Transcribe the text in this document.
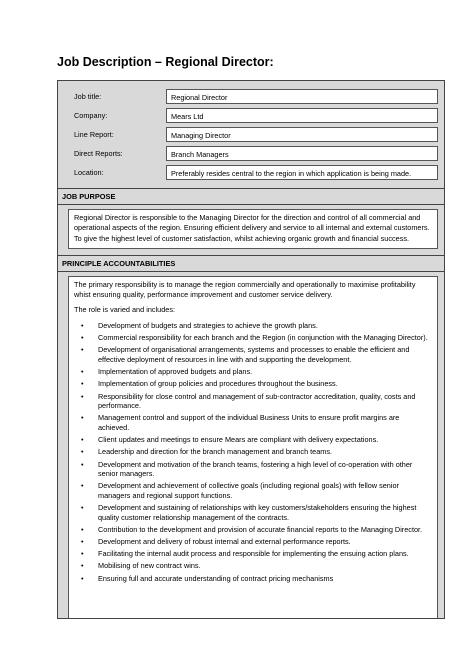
Job Description – Regional Director:
Job title:	Regional Director
Company:	Mears Ltd
Line Report:	Managing Director
Direct Reports:	Branch Managers
Location:	Preferably resides central to the region in which application is being made.
JOB PURPOSE
Regional Director is responsible to the Managing Director for the direction and control of all commercial and operational aspects of the region. Ensuring efficient delivery and service to all internal and external customers. To give the highest level of customer satisfaction, whilst achieving organic growth and financial success.
PRINCIPLE ACCOUNTABILITIES

The primary responsibility is to manage the region commercially and operationally to maximise profitability whist ensuring quality, performance improvement and customer service delivery.

The role is varied and includes:

• Development of budgets and strategies to achieve the growth plans.
• Commercial responsibility for each branch and the Region (in conjunction with the Managing Director).
• Development of organisational arrangements, systems and processes to enable the efficient and effective deployment of resources in line with and supporting the development.
• Implementation of approved budgets and plans.
• Implementation of group policies and procedures throughout the business.
• Responsibility for close control and management of sub-contractor accreditation, quality, costs and performance.
• Management control and support of the individual Business Units to ensure profit margins are achieved.
• Client updates and meetings to ensure Mears are compliant with delivery expectations.
• Leadership and direction for the branch management and branch teams.
• Development and motivation of the branch teams, fostering a high level of co-operation with other senior managers.
• Development and achievement of collective goals (including regional goals) with fellow senior managers and regional support functions.
• Development and sustaining of relationships with key customers/stakeholders ensuring the highest quality customer relationship management of the contracts.
• Contribution to the development and provision of accurate financial reports to the Managing Director.
• Development and delivery of robust internal and external performance reports.
• Facilitating the internal audit process and responsible for implementing the ensuing action plans.
• Mobilising of new contract wins.
• Ensuring full and accurate understanding of contract pricing mechanisms
